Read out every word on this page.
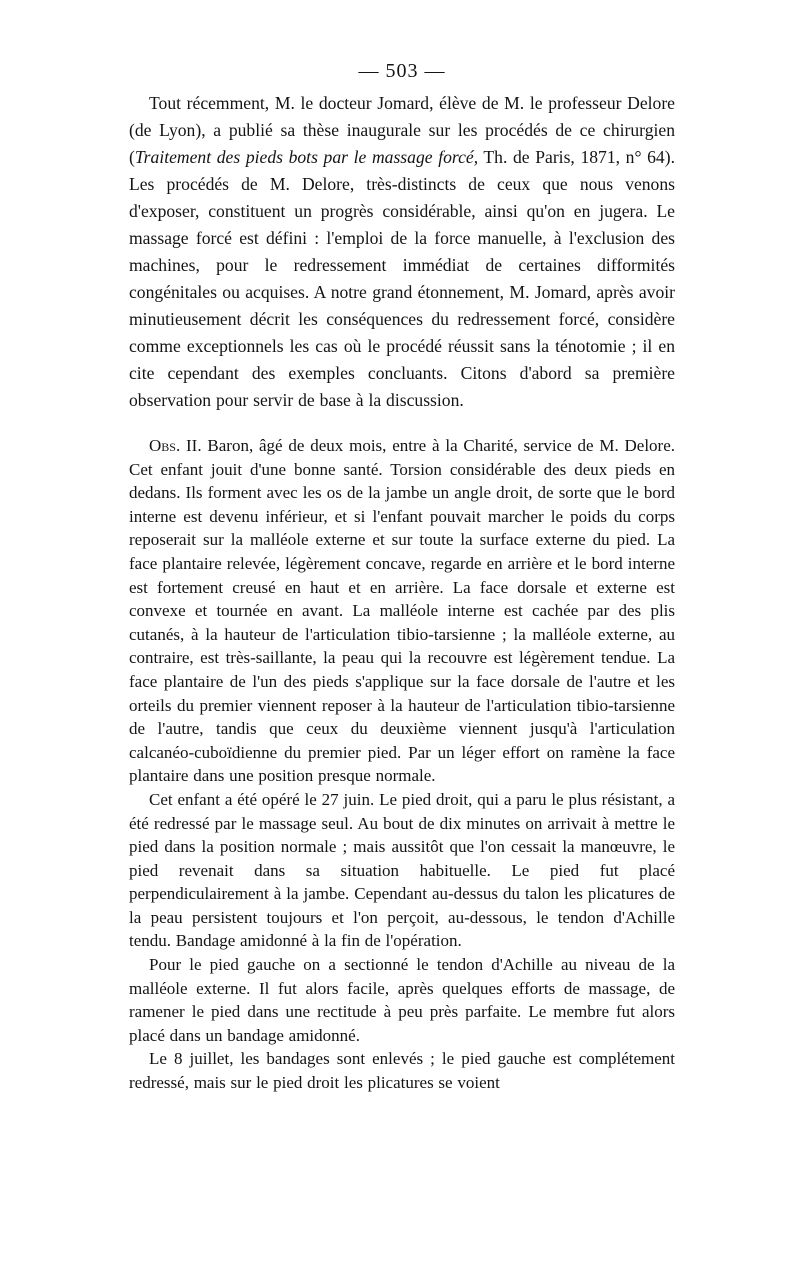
— 503 —

Tout récemment, M. le docteur Jomard, élève de M. le professeur Delore (de Lyon), a publié sa thèse inaugurale sur les procédés de ce chirurgien (Traitement des pieds bots par le massage forcé, Th. de Paris, 1871, n° 64). Les procédés de M. Delore, très-distincts de ceux que nous venons d'exposer, constituent un progrès considérable, ainsi qu'on en jugera. Le massage forcé est défini : l'emploi de la force manuelle, à l'exclusion des machines, pour le redressement immédiat de certaines difformités congénitales ou acquises. A notre grand étonnement, M. Jomard, après avoir minutieusement décrit les conséquences du redressement forcé, considère comme exceptionnels les cas où le procédé réussit sans la ténotomie ; il en cite cependant des exemples concluants. Citons d'abord sa première observation pour servir de base à la discussion.

Obs. II. Baron, âgé de deux mois, entre à la Charité, service de M. Delore. Cet enfant jouit d'une bonne santé. Torsion considérable des deux pieds en dedans. Ils forment avec les os de la jambe un angle droit, de sorte que le bord interne est devenu inférieur, et si l'enfant pouvait marcher le poids du corps reposerait sur la malléole externe et sur toute la surface externe du pied. La face plantaire relevée, légèrement concave, regarde en arrière et le bord interne est fortement creusé en haut et en arrière. La face dorsale et externe est convexe et tournée en avant. La malléole interne est cachée par des plis cutanés, à la hauteur de l'articulation tibio-tarsienne ; la malléole externe, au contraire, est très-saillante, la peau qui la recouvre est légèrement tendue. La face plantaire de l'un des pieds s'applique sur la face dorsale de l'autre et les orteils du premier viennent reposer à la hauteur de l'articulation tibio-tarsienne de l'autre, tandis que ceux du deuxième viennent jusqu'à l'articulation calcanéo-cuboïdienne du premier pied. Par un léger effort on ramène la face plantaire dans une position presque normale.

Cet enfant a été opéré le 27 juin. Le pied droit, qui a paru le plus résistant, a été redressé par le massage seul. Au bout de dix minutes on arrivait à mettre le pied dans la position normale ; mais aussitôt que l'on cessait la manœuvre, le pied revenait dans sa situation habituelle. Le pied fut placé perpendiculairement à la jambe. Cependant au-dessus du talon les plicatures de la peau persistent toujours et l'on perçoit, au-dessous, le tendon d'Achille tendu. Bandage amidonné à la fin de l'opération.

Pour le pied gauche on a sectionné le tendon d'Achille au niveau de la malléole externe. Il fut alors facile, après quelques efforts de massage, de ramener le pied dans une rectitude à peu près parfaite. Le membre fut alors placé dans un bandage amidonné.

Le 8 juillet, les bandages sont enlevés ; le pied gauche est complétement redressé, mais sur le pied droit les plicatures se voient
